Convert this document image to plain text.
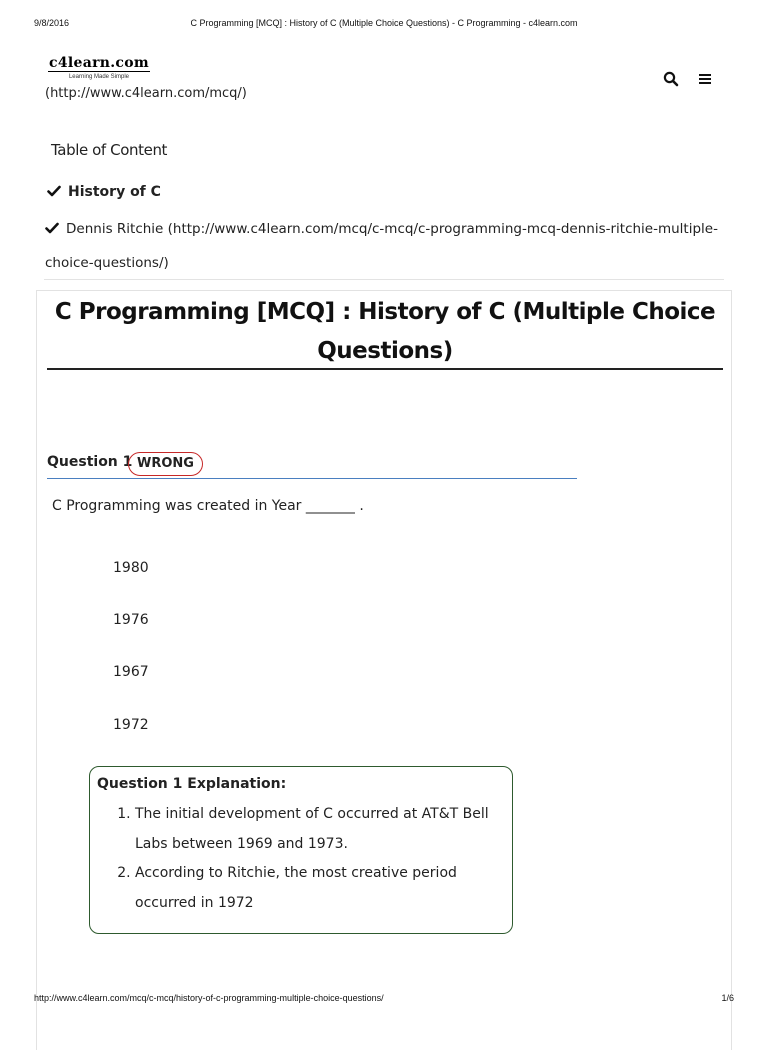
9/8/2016	C Programming [MCQ] : History of C (Multiple Choice Questions) - C Programming - c4learn.com
c4learn.com
Learning Made Simple
(http://www.c4learn.com/mcq/)
Table of Content
History of C
Dennis Ritchie (http://www.c4learn.com/mcq/c-mcq/c-programming-mcq-dennis-ritchie-multiple-choice-questions/)
C Programming [MCQ] : History of C (Multiple Choice Questions)
Question 1 WRONG
C Programming was created in Year _______ .
1980
1976
1967
1972
Question 1 Explanation:
1. The initial development of C occurred at AT&T Bell Labs between 1969 and 1973.
2. According to Ritchie, the most creative period occurred in 1972
http://www.c4learn.com/mcq/c-mcq/history-of-c-programming-multiple-choice-questions/	1/6
